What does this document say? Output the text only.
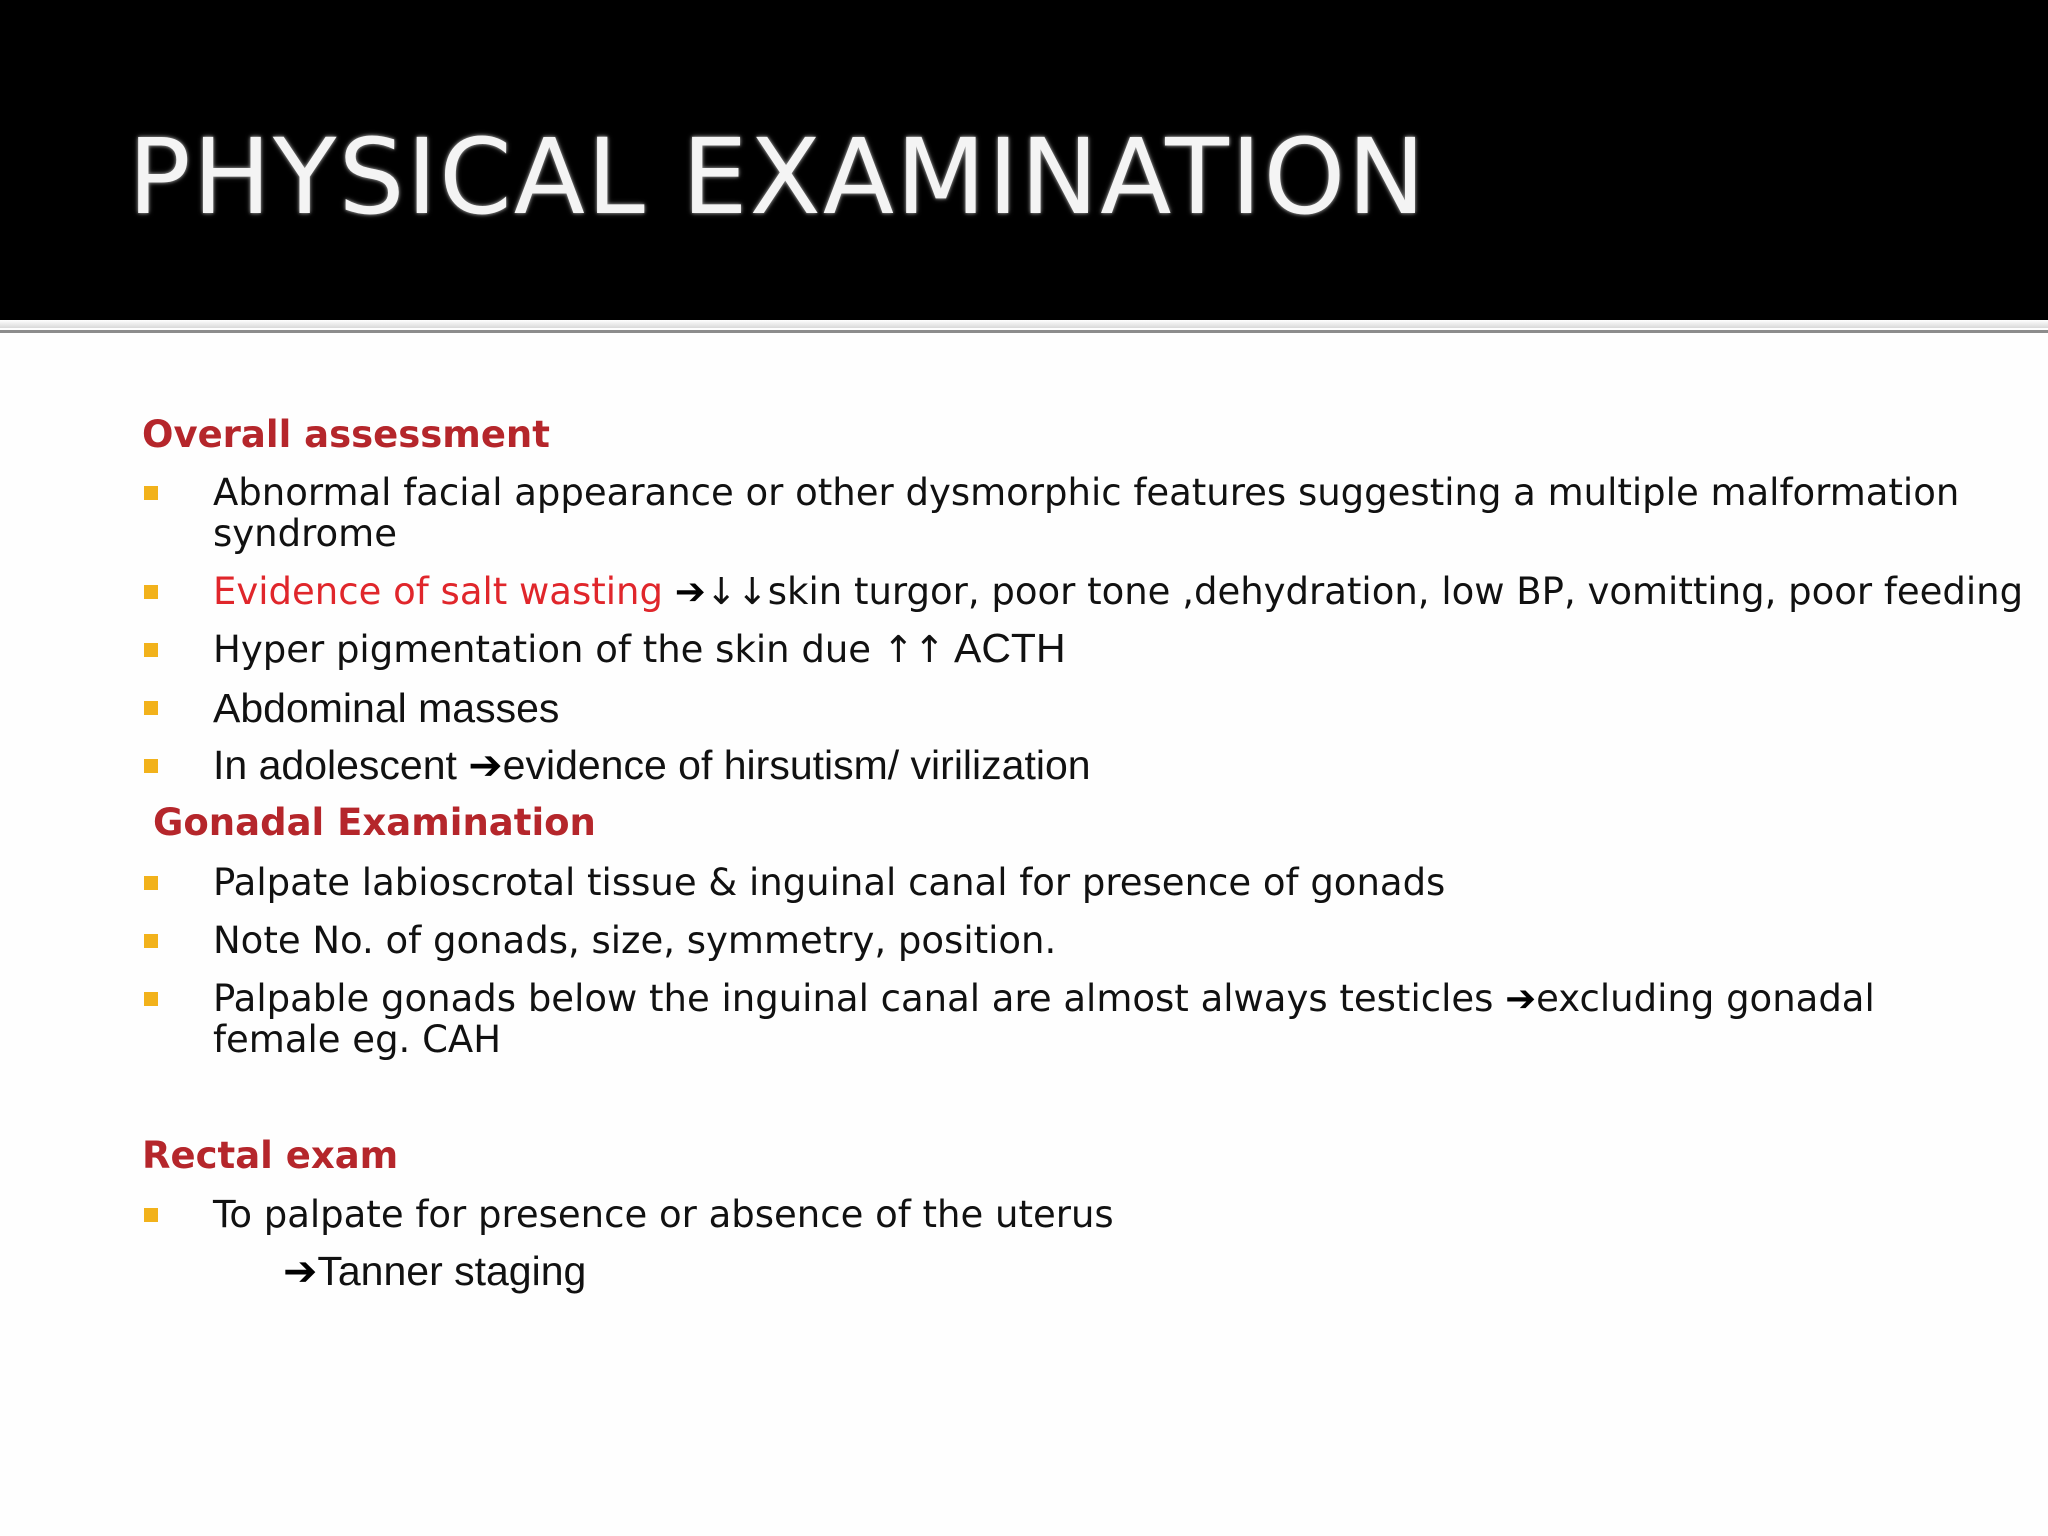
PHYSICAL EXAMINATION
Overall assessment
Abnormal facial appearance or other dysmorphic features suggesting a multiple malformation syndrome
Evidence of salt wasting ➔↓↓skin turgor, poor tone ,dehydration, low BP, vomitting, poor feeding
Hyper pigmentation of the skin due ↑↑ ACTH
Abdominal masses
In adolescent ➔evidence of hirsutism/ virilization
Gonadal Examination
Palpate labioscrotal tissue & inguinal canal for presence of gonads
Note No. of gonads, size, symmetry, position.
Palpable gonads below the inguinal canal are almost always testicles ➔excluding gonadal female eg. CAH
Rectal exam
To palpate for presence or absence of the uterus
➔Tanner staging
